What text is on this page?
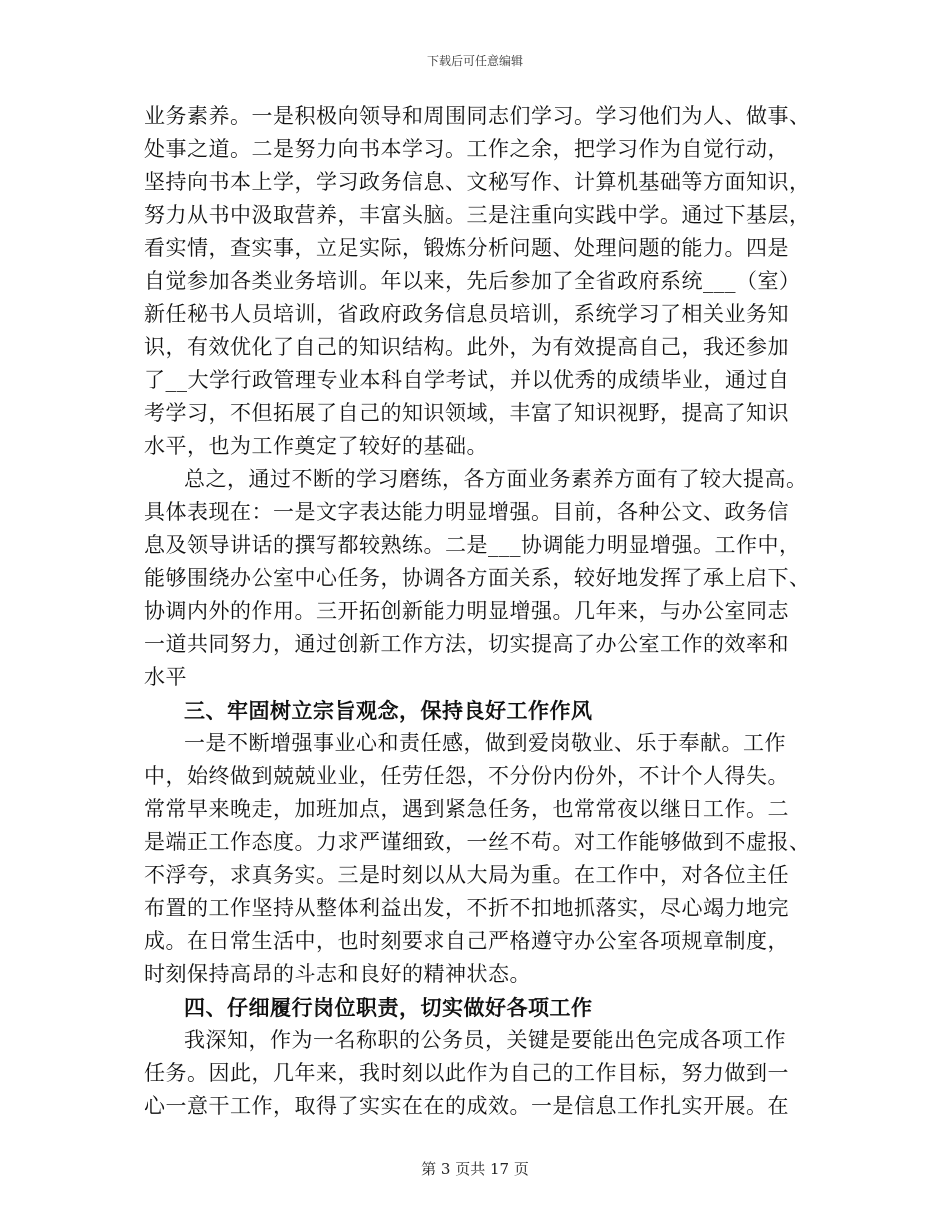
下载后可任意编辑
业务素养。一是积极向领导和周围同志们学习。学习他们为人、做事、
处事之道。二是努力向书本学习。工作之余，把学习作为自觉行动，
坚持向书本上学，学习政务信息、文秘写作、计算机基础等方面知识，
努力从书中汲取营养，丰富头脑。三是注重向实践中学。通过下基层，
看实情，查实事，立足实际，锻炼分析问题、处理问题的能力。四是
自觉参加各类业务培训。年以来，先后参加了全省政府系统___（室）
新任秘书人员培训，省政府政务信息员培训，系统学习了相关业务知
识，有效优化了自己的知识结构。此外，为有效提高自己，我还参加
了__大学行政管理专业本科自学考试，并以优秀的成绩毕业，通过自
考学习，不但拓展了自己的知识领域，丰富了知识视野，提高了知识
水平，也为工作奠定了较好的基础。
总之，通过不断的学习磨练，各方面业务素养方面有了较大提高。
具体表现在：一是文字表达能力明显增强。目前，各种公文、政务信
息及领导讲话的撰写都较熟练。二是___协调能力明显增强。工作中，
能够围绕办公室中心任务，协调各方面关系，较好地发挥了承上启下、
协调内外的作用。三开拓创新能力明显增强。几年来，与办公室同志
一道共同努力，通过创新工作方法，切实提高了办公室工作的效率和
水平
三、牢固树立宗旨观念，保持良好工作作风
一是不断增强事业心和责任感，做到爱岗敬业、乐于奉献。工作
中，始终做到兢兢业业，任劳任怨，不分份内份外，不计个人得失。
常常早来晚走，加班加点，遇到紧急任务，也常常夜以继日工作。二
是端正工作态度。力求严谨细致，一丝不苟。对工作能够做到不虚报、
不浮夸，求真务实。三是时刻以从大局为重。在工作中，对各位主任
布置的工作坚持从整体利益出发，不折不扣地抓落实，尽心竭力地完
成。在日常生活中，也时刻要求自己严格遵守办公室各项规章制度，
时刻保持高昂的斗志和良好的精神状态。
四、仔细履行岗位职责，切实做好各项工作
我深知，作为一名称职的公务员，关键是要能出色完成各项工作
任务。因此，几年来，我时刻以此作为自己的工作目标，努力做到一
心一意干工作，取得了实实在在的成效。一是信息工作扎实开展。在
第 3 页共 17 页
